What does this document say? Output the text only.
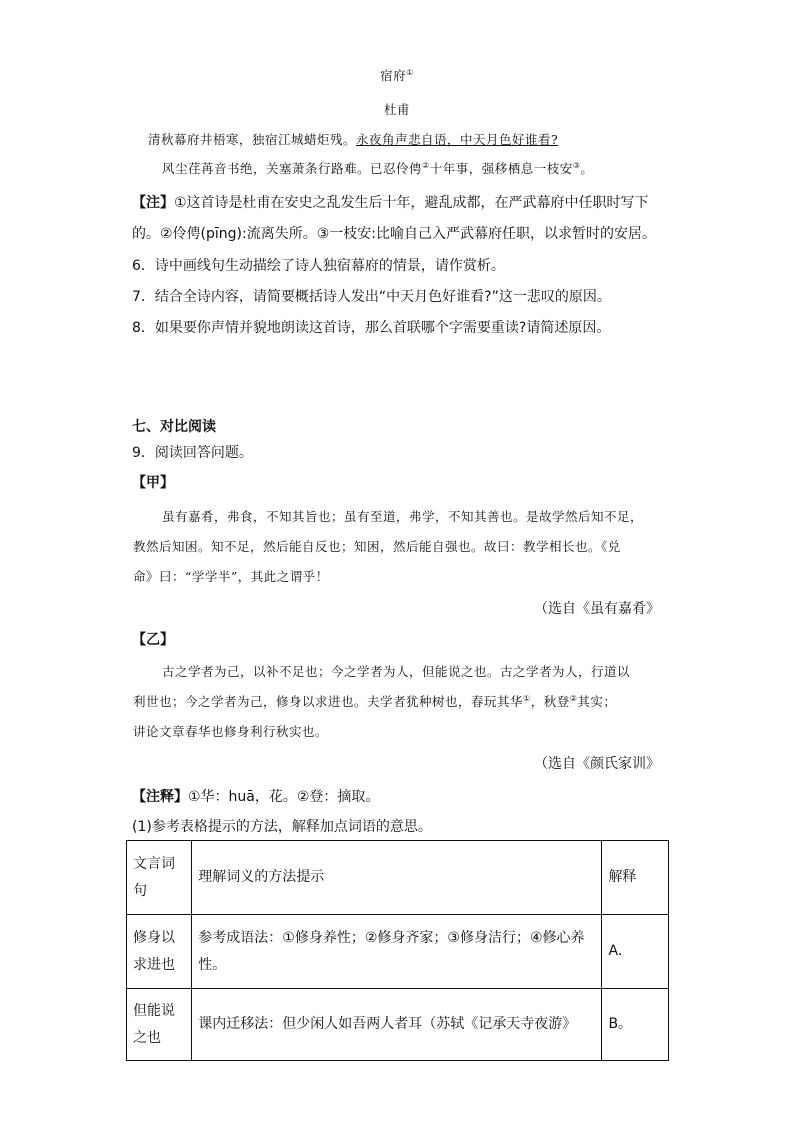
宿府①
杜甫
清秋幕府井梧寒，独宿江城蜡炬残。永夜角声悲自语，中天月色好谁看?
风尘荏苒音书绝，关塞萧条行路难。已忍伶俜②十年事，强移栖息一枝安③。
【注】①这首诗是杜甫在安史之乱发生后十年，避乱成都，在严武幕府中任职时写下
的。②伶俜(pīng):流离失所。③一枝安:比喻自己入严武幕府任职，以求暂时的安居。
6．诗中画线句生动描绘了诗人独宿幕府的情景，请作赏析。
7．结合全诗内容，请简要概括诗人发出“中天月色好谁看?”这一悲叹的原因。
8．如果要你声情并貌地朗读这首诗，那么首联哪个字需要重读?请简述原因。
七、对比阅读
9．阅读回答问题。
【甲】
虽有嘉肴，弗食，不知其旨也；虽有至道，弗学，不知其善也。是故学然后知不足，
教然后知困。知不足，然后能自反也；知困，然后能自强也。故曰：教学相长也。《兑
命》曰：“学学半”，其此之谓乎！
（选自《虽有嘉肴》
【乙】
古之学者为己，以补不足也；今之学者为人，但能说之也。古之学者为人，行道以
利世也；今之学者为己，修身以求进也。夫学者犹种树也，春玩其华①，秋登②其实；
讲论文章春华也修身利行秋实也。
（选自《颜氏家训》
【注释】①华：huā，花。②登：摘取。
(1)参考表格提示的方法，解释加点词语的意思。
文言词句	理解词义的方法提示	解释
修身以求进也	参考成语法：①修身养性；②修身齐家；③修身洁行；④修心养性。	A．
但能说之也	课内迁移法：但少闲人如吾两人者耳（苏轼《记承天寺夜游》	B。
